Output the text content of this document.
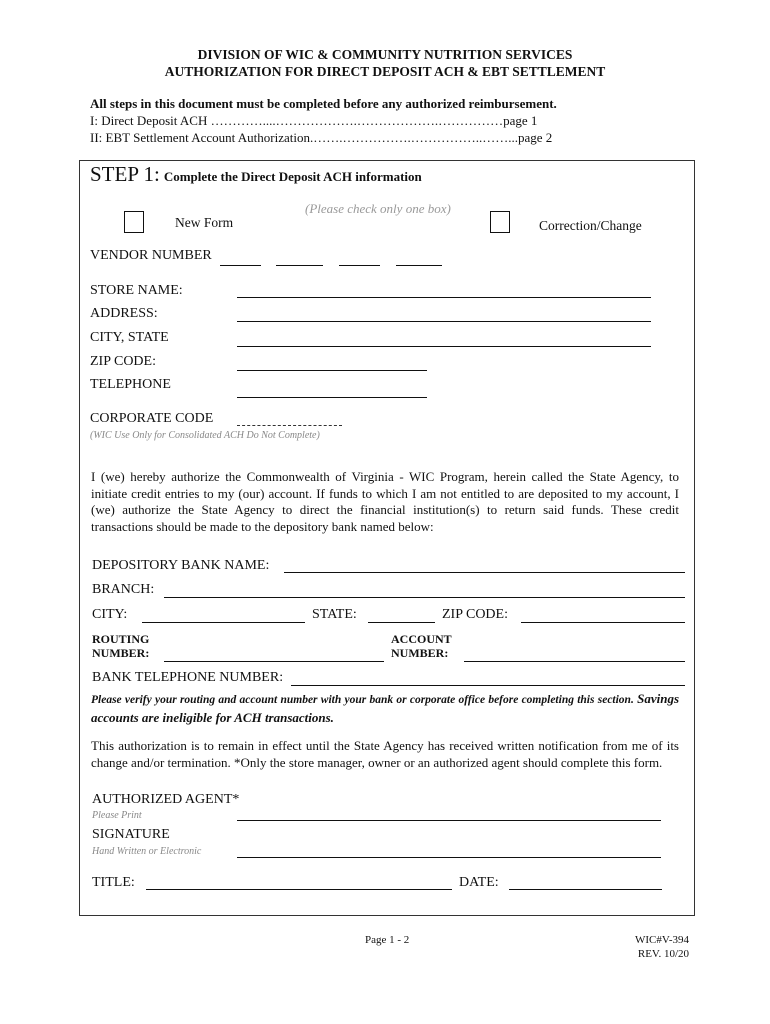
DIVISION OF WIC & COMMUNITY NUTRITION SERVICES
AUTHORIZATION FOR DIRECT DEPOSIT ACH & EBT SETTLEMENT
All steps in this document must be completed before any authorized reimbursement.
I: Direct Deposit ACH …………....……………….……………….……………page 1
II: EBT Settlement Account Authorization.…….…………….……………..……...page 2
STEP 1: Complete the Direct Deposit ACH information
New Form
(Please check only one box)
Correction/Change
VENDOR NUMBER
STORE NAME:
ADDRESS:
CITY, STATE
ZIP CODE:
TELEPHONE
CORPORATE CODE
(WIC Use Only for Consolidated ACH Do Not Complete)
I (we) hereby authorize the Commonwealth of Virginia - WIC Program, herein called the State Agency, to initiate credit entries to my (our) account. If funds to which I am not entitled to are deposited to my account, I (we) authorize the State Agency to direct the financial institution(s) to return said funds. These credit transactions should be made to the depository bank named below:
DEPOSITORY BANK NAME:
BRANCH:
CITY:	STATE:	ZIP CODE:
ROUTING
NUMBER:
ACCOUNT
NUMBER:
BANK TELEPHONE NUMBER:
Please verify your routing and account number with your bank or corporate office before completing this section. Savings accounts are ineligible for ACH transactions.
This authorization is to remain in effect until the State Agency has received written notification from me of its change and/or termination. *Only the store manager, owner or an authorized agent should complete this form.
AUTHORIZED AGENT*
Please Print
SIGNATURE
Hand Written or Electronic
TITLE:	DATE:
Page 1 - 2	WIC#V-394
REV. 10/20
